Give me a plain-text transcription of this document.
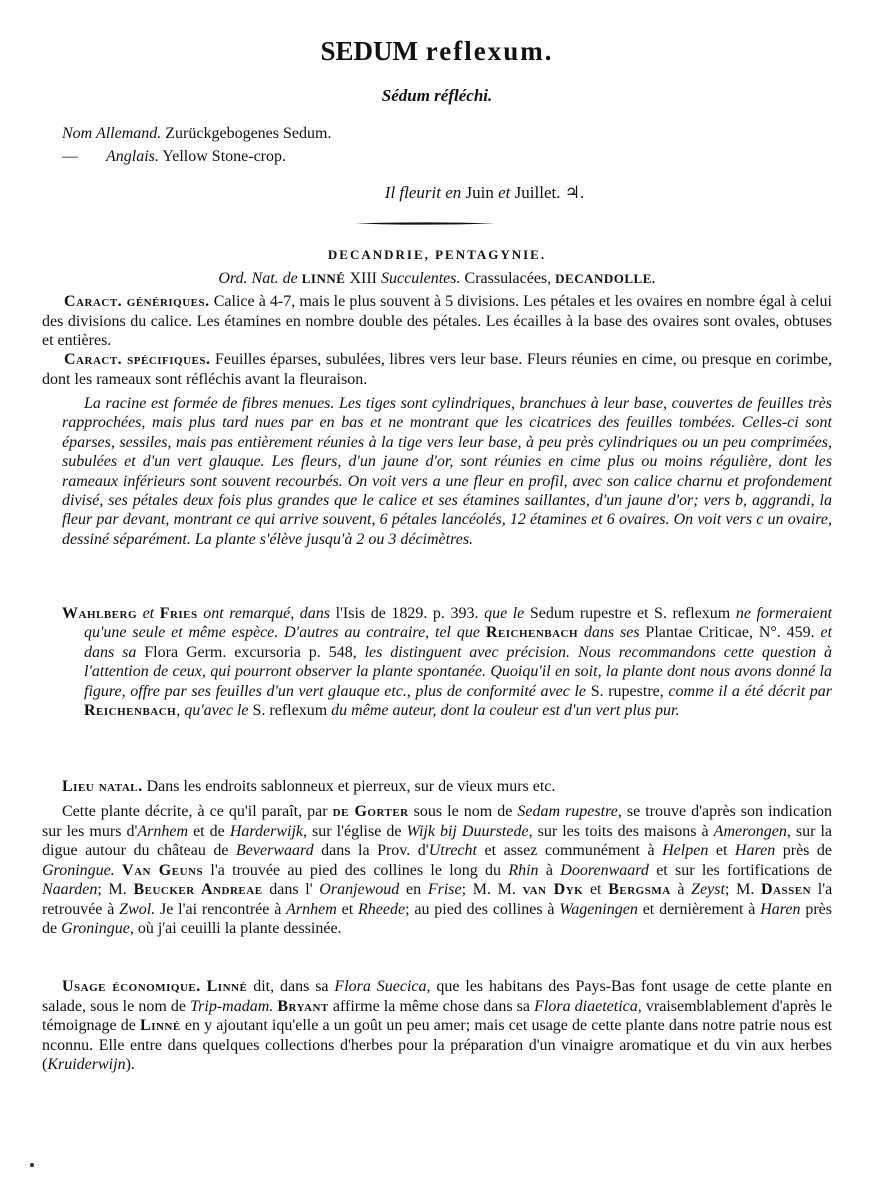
SEDUM reflexum.
Sédum réfléchi.
Nom Allemand. Zurückgebogenes Sedum.
— Anglais. Yellow Stone-crop.
Il fleurit en Juin et Juillet. ♃.
DECANDRIE, PENTAGYNIE.
Ord. Nat. de LINNÉ XIII Succulentes. Crassulacées, DECANDOLLE.
Caract. génériques. Calice à 4-7, mais le plus souvent à 5 divisions. Les pétales et les ovaires en nombre égal à celui des divisions du calice. Les étamines en nombre double des pétales. Les écailles à la base des ovaires sont ovales, obtuses et entières.
Caract. spécifiques. Feuilles éparses, subulées, libres vers leur base. Fleurs réunies en cime, ou presque en corimbe, dont les rameaux sont réfléchis avant la fleuraison.
La racine est formée de fibres menues. Les tiges sont cylindriques, branchues à leur base, couvertes de feuilles très rapprochées, mais plus tard nues par en bas et ne montrant que les cicatrices des feuilles tombées. Celles-ci sont éparses, sessiles, mais pas entièrement réunies à la tige vers leur base, à peu près cylindriques ou un peu comprimées, subulées et d'un vert glauque. Les fleurs, d'un jaune d'or, sont réunies en cime plus ou moins régulière, dont les rameaux inférieurs sont souvent recourbés. On voit vers a une fleur en profil, avec son calice charnu et profondement divisé, ses pétales deux fois plus grandes que le calice et ses étamines saillantes, d'un jaune d'or; vers b, aggrandi, la fleur par devant, montrant ce qui arrive souvent, 6 pétales lancéolés, 12 étamines et 6 ovaires. On voit vers c un ovaire, dessiné séparément. La plante s'élève jusqu'à 2 ou 3 décimètres.
Wahlberg et Fries ont remarqué, dans l'Isis de 1829. p. 393. que le Sedum rupestre et S. reflexum ne formeraient qu'une seule et même espèce. D'autres au contraire, tel que Reichenbach dans ses Plantae Criticae, N°. 459. et dans sa Flora Germ. excursoria p. 548, les distinguent avec précision. Nous recommandons cette question à l'attention de ceux, qui pourront observer la plante spontanée. Quoiqu'il en soit, la plante dont nous avons donné la figure, offre par ses feuilles d'un vert glauque etc., plus de conformité avec le S. rupestre, comme il a été décrit par Reichenbach, qu'avec le S. reflexum du même auteur, dont la couleur est d'un vert plus pur.
Lieu natal. Dans les endroits sablonneux et pierreux, sur de vieux murs etc.
Cette plante décrite, à ce qu'il paraît, par de Gorter sous le nom de Sedam rupestre, se trouve d'après son indication sur les murs d'Arnhem et de Harderwijk, sur l'église de Wijk bij Duurstede, sur les toits des maisons à Amerongen, sur la digue autour du château de Beverwaard dans la Prov. d'Utrecht et assez communément à Helpen et Haren près de Groningue. Van Geuns l'a trouvée au pied des collines le long du Rhin à Doorenwaard et sur les fortifications de Naarden; M. Beucker Andreae dans l' Oranjewoud en Frise; M. M. van Dyk et Bergsma à Zeyst; M. Dassen l'a retrouvée à Zwol. Je l'ai rencontrée à Arnhem et Rheede; au pied des collines à Wageningen et dernièrement à Haren près de Groningue, où j'ai ceuilli la plante dessinée.
Usage économique. Linné dit, dans sa Flora Suecica, que les habitans des Pays-Bas font usage de cette plante en salade, sous le nom de Trip-madam. Bryant affirme la même chose dans sa Flora diaetetica, vraisemblablement d'après le témoignage de Linné en y ajoutant iqu'elle a un goût un peu amer; mais cet usage de cette plante dans notre patrie nous est nconnu. Elle entre dans quelques collections d'herbes pour la préparation d'un vinaigre aromatique et du vin aux herbes (Kruiderwijn).
